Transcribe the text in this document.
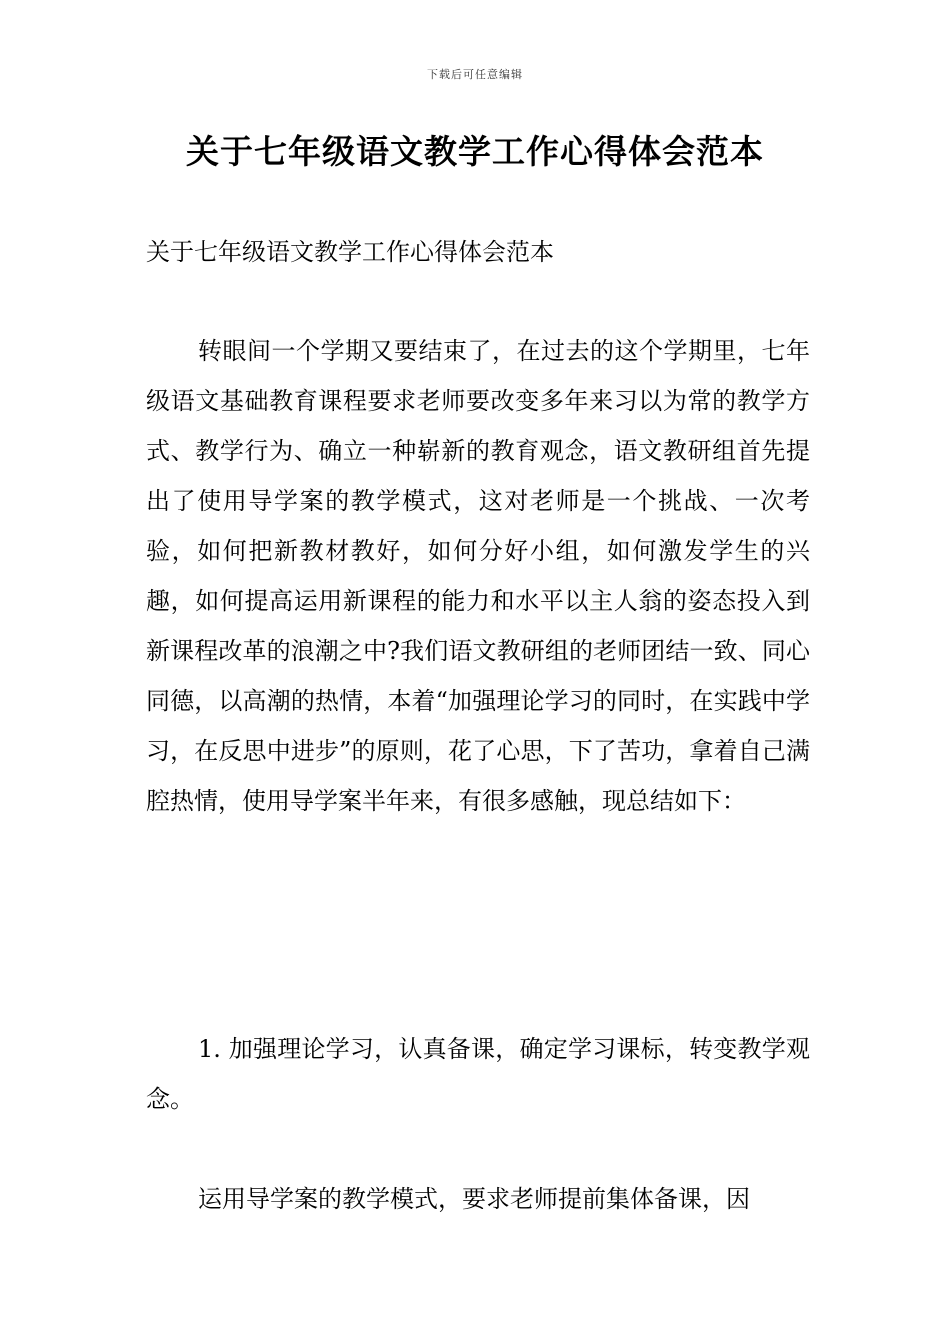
下载后可任意编辑
关于七年级语文教学工作心得体会范本

关于七年级语文教学工作心得体会范本

转眼间一个学期又要结束了，在过去的这个学期里，七年级语文基础教育课程要求老师要改变多年来习以为常的教学方式、教学行为、确立一种崭新的教育观念，语文教研组首先提出了使用导学案的教学模式，这对老师是一个挑战、一次考验，如何把新教材教好，如何分好小组，如何激发学生的兴趣，如何提高运用新课程的能力和水平以主人翁的姿态投入到新课程改革的浪潮之中?我们语文教研组的老师团结一致、同心同德，以高潮的热情，本着“加强理论学习的同时，在实践中学习，在反思中进步”的原则，花了心思，下了苦功，拿着自己满腔热情，使用导学案半年来，有很多感触，现总结如下：

1. 加强理论学习，认真备课，确定学习课标，转变教学观念。

运用导学案的教学模式，要求老师提前集体备课，因
